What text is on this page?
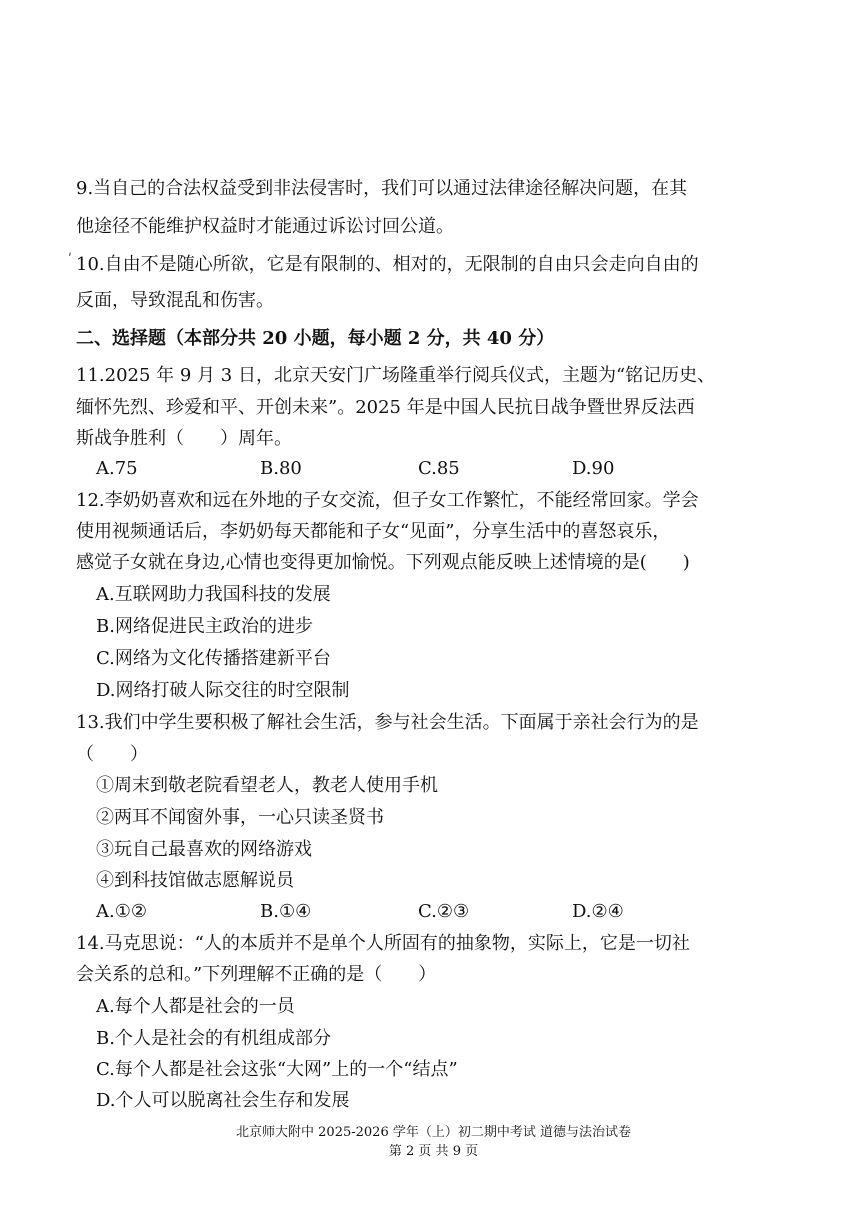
9.当自己的合法权益受到非法侵害时，我们可以通过法律途径解决问题，在其
他途径不能维护权益时才能通过诉讼讨回公道。
ʹ 10.自由不是随心所欲，它是有限制的、相对的，无限制的自由只会走向自由的
反面，导致混乱和伤害。
二、选择题（本部分共 20 小题，每小题 2 分，共 40 分）
11.2025 年 9 月 3 日，北京天安门广场隆重举行阅兵仪式，主题为“铭记历史、
缅怀先烈、珍爱和平、开创未来”。2025 年是中国人民抗日战争暨世界反法西
斯战争胜利（　　）周年。
A.75	B.80	C.85	D.90
12.李奶奶喜欢和远在外地的子女交流，但子女工作繁忙，不能经常回家。学会
使用视频通话后，李奶奶每天都能和子女“见面”，分享生活中的喜怒哀乐，
感觉子女就在身边,心情也变得更加愉悦。下列观点能反映上述情境的是(　　)
A.互联网助力我国科技的发展
B.网络促进民主政治的进步
C.网络为文化传播搭建新平台
D.网络打破人际交往的时空限制
13.我们中学生要积极了解社会生活，参与社会生活。下面属于亲社会行为的是
（　　）
①周末到敬老院看望老人，教老人使用手机
②两耳不闻窗外事，一心只读圣贤书
③玩自己最喜欢的网络游戏
④到科技馆做志愿解说员
A.①②	B.①④	C.②③	D.②④
14.马克思说：“人的本质并不是单个人所固有的抽象物，实际上，它是一切社
会关系的总和。”下列理解不正确的是（　　）
A.每个人都是社会的一员
B.个人是社会的有机组成部分
C.每个人都是社会这张“大网”上的一个“结点”
D.个人可以脱离社会生存和发展
北京师大附中 2025-2026 学年（上）初二期中考试 道德与法治试卷
第 2 页 共 9 页
